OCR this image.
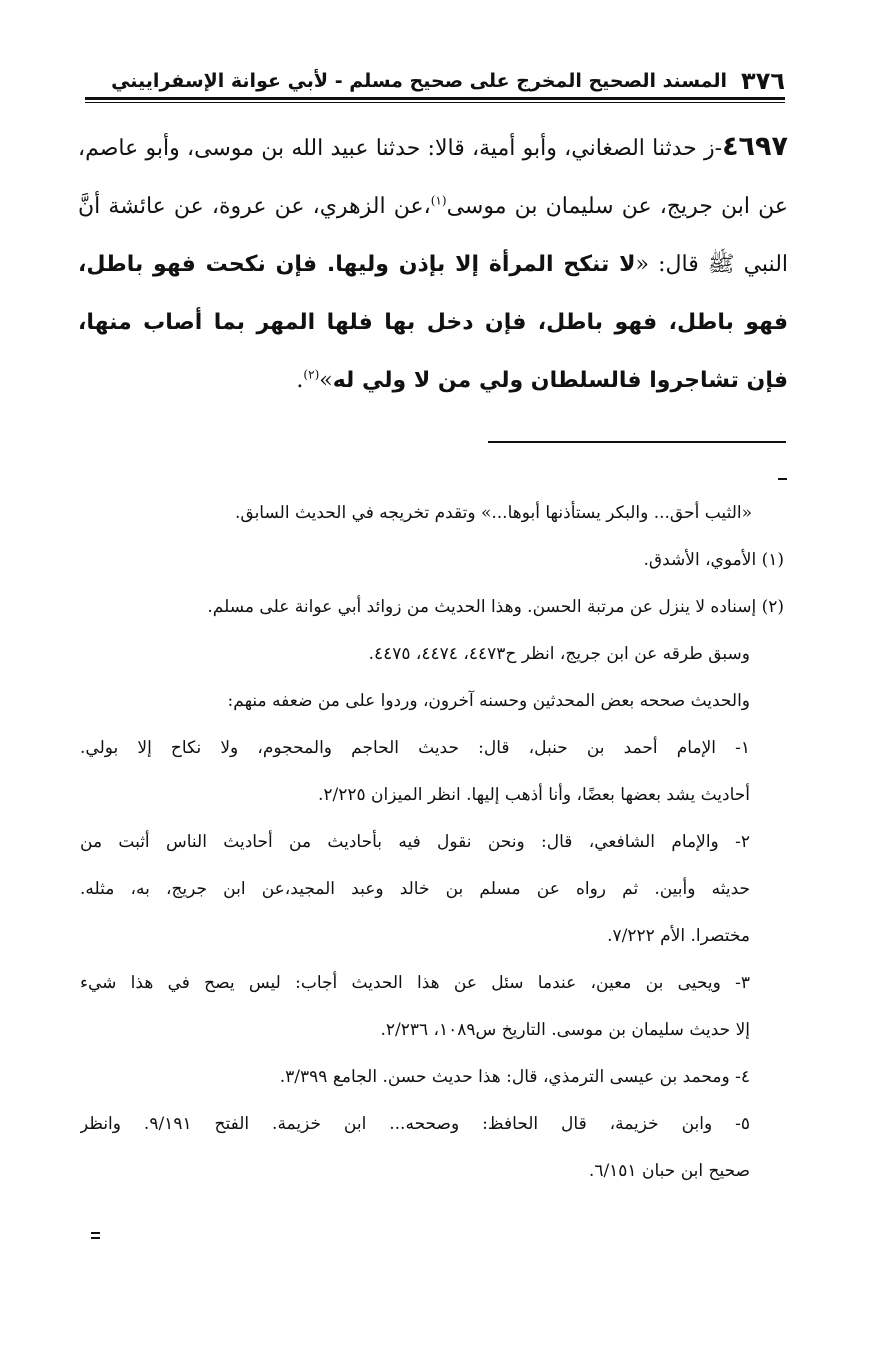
٣٧٦
المسند الصحيح المخرج على صحيح مسلم - لأبي عوانة الإسفراييني
٤٦٩٧-ز حدثنا الصغاني، وأبو أمية، قالا: حدثنا عبيد الله بن موسى، وأبو عاصم، عن ابن جريج، عن سليمان بن موسى$^{(١)}$،عن الزهري، عن عروة، عن عائشة أنَّ النبي ﷺ قال: «لا تنكح المرأة إلا بإذن وليها. فإن نكحت فهو باطل، فهو باطل، فهو باطل، فإن دخل بها فلها المهر بما أصاب منها، فإن تشاجروا فالسلطان ولي من لا ولي له»$^{(٢)}$.
«الثيب أحق... والبكر يستأذنها أبوها...» وتقدم تخريجه في الحديث السابق.
(١) الأموي، الأشدق.
(٢) إسناده لا ينزل عن مرتبة الحسن. وهذا الحديث من زوائد أبي عوانة على مسلم.
وسبق طرقه عن ابن جريج، انظر ح٤٤٧٣، ٤٤٧٤، ٤٤٧٥.
والحديث صححه بعض المحدثين وحسنه آخرون، وردوا على من ضعفه منهم:
١- الإمام أحمد بن حنبل، قال: حديث الحاجم والمحجوم، ولا نكاح إلا بولي.
أحاديث يشد بعضها بعضًا، وأنا أذهب إليها. انظر الميزان ٢/٢٢٥.
٢- والإمام الشافعي، قال: ونحن نقول فيه بأحاديث من أحاديث الناس أثبت من
حديثه وأبين. ثم رواه عن مسلم بن خالد وعبد المجيد،عن ابن جريج، به، مثله.
مختصرا. الأم ٧/٢٢٢.
٣- ويحيى بن معين، عندما سئل عن هذا الحديث أجاب: ليس يصح في هذا شيء
إلا حديث سليمان بن موسى. التاريخ س١٠٨٩، ٢/٢٣٦.
٤- ومحمد بن عيسى الترمذي، قال: هذا حديث حسن. الجامع ٣/٣٩٩.
٥- وابن خزيمة، قال الحافظ: وصححه... ابن خزيمة. الفتح ٩/١٩١. وانظر
صحيح ابن حبان ٦/١٥١.
